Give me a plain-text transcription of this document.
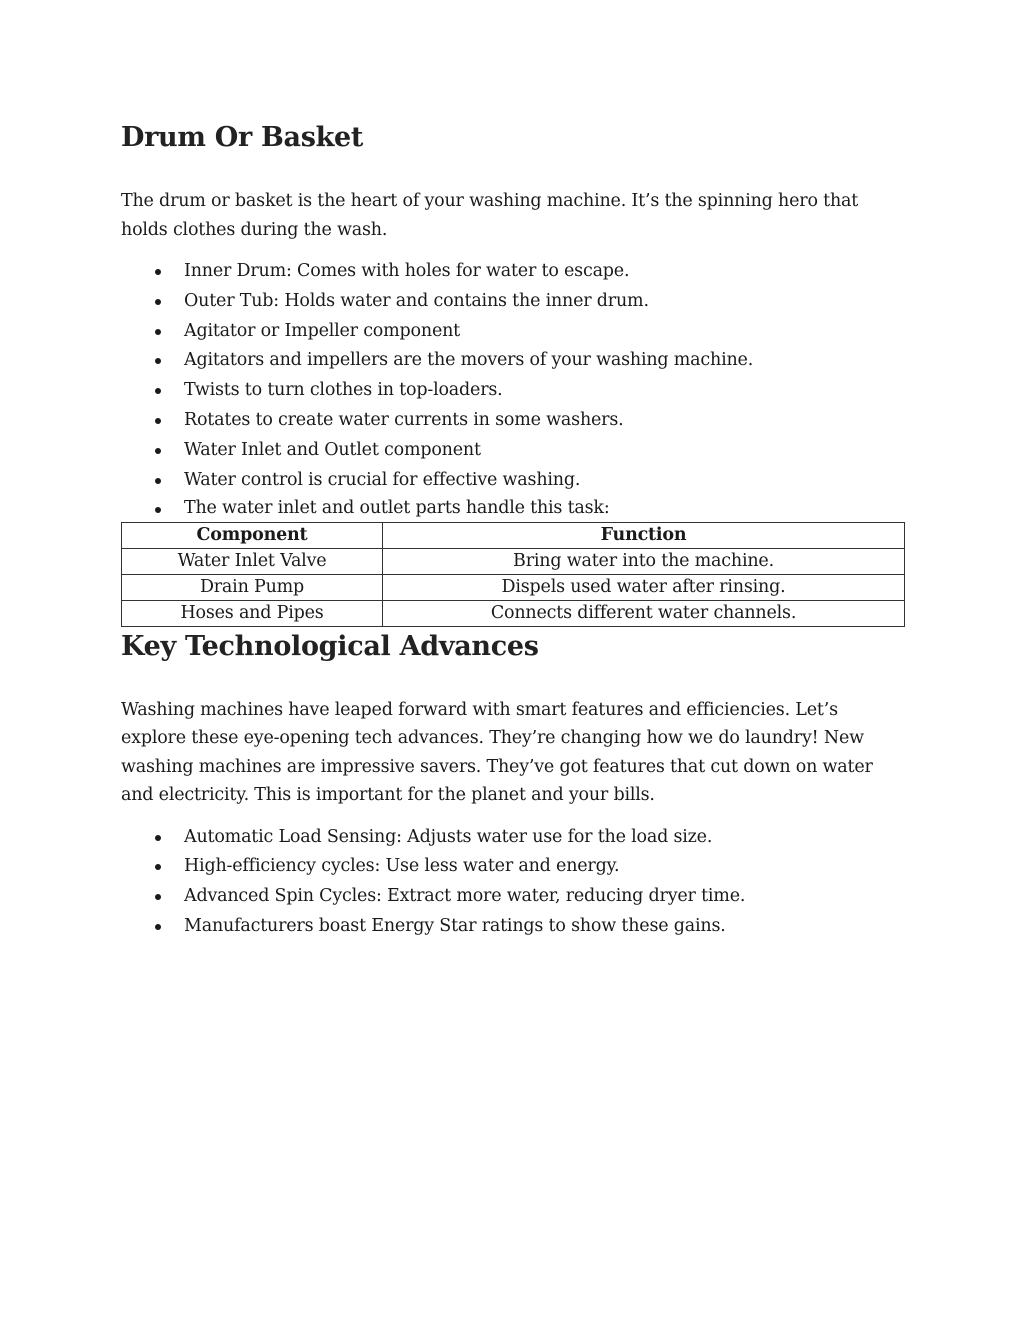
Drum Or Basket

The drum or basket is the heart of your washing machine. It’s the spinning hero that holds clothes during the wash.

Inner Drum: Comes with holes for water to escape.
Outer Tub: Holds water and contains the inner drum.
Agitator or Impeller component
Agitators and impellers are the movers of your washing machine.
Twists to turn clothes in top-loaders.
Rotates to create water currents in some washers.
Water Inlet and Outlet component
Water control is crucial for effective washing.
The water inlet and outlet parts handle this task:
Component	Function
Water Inlet Valve	Bring water into the machine.
Drain Pump	Dispels used water after rinsing.
Hoses and Pipes	Connects different water channels.
Key Technological Advances

Washing machines have leaped forward with smart features and efficiencies. Let’s explore these eye-opening tech advances. They’re changing how we do laundry! New washing machines are impressive savers. They’ve got features that cut down on water and electricity. This is important for the planet and your bills.

Automatic Load Sensing: Adjusts water use for the load size.
High-efficiency cycles: Use less water and energy.
Advanced Spin Cycles: Extract more water, reducing dryer time.
Manufacturers boast Energy Star ratings to show these gains.
